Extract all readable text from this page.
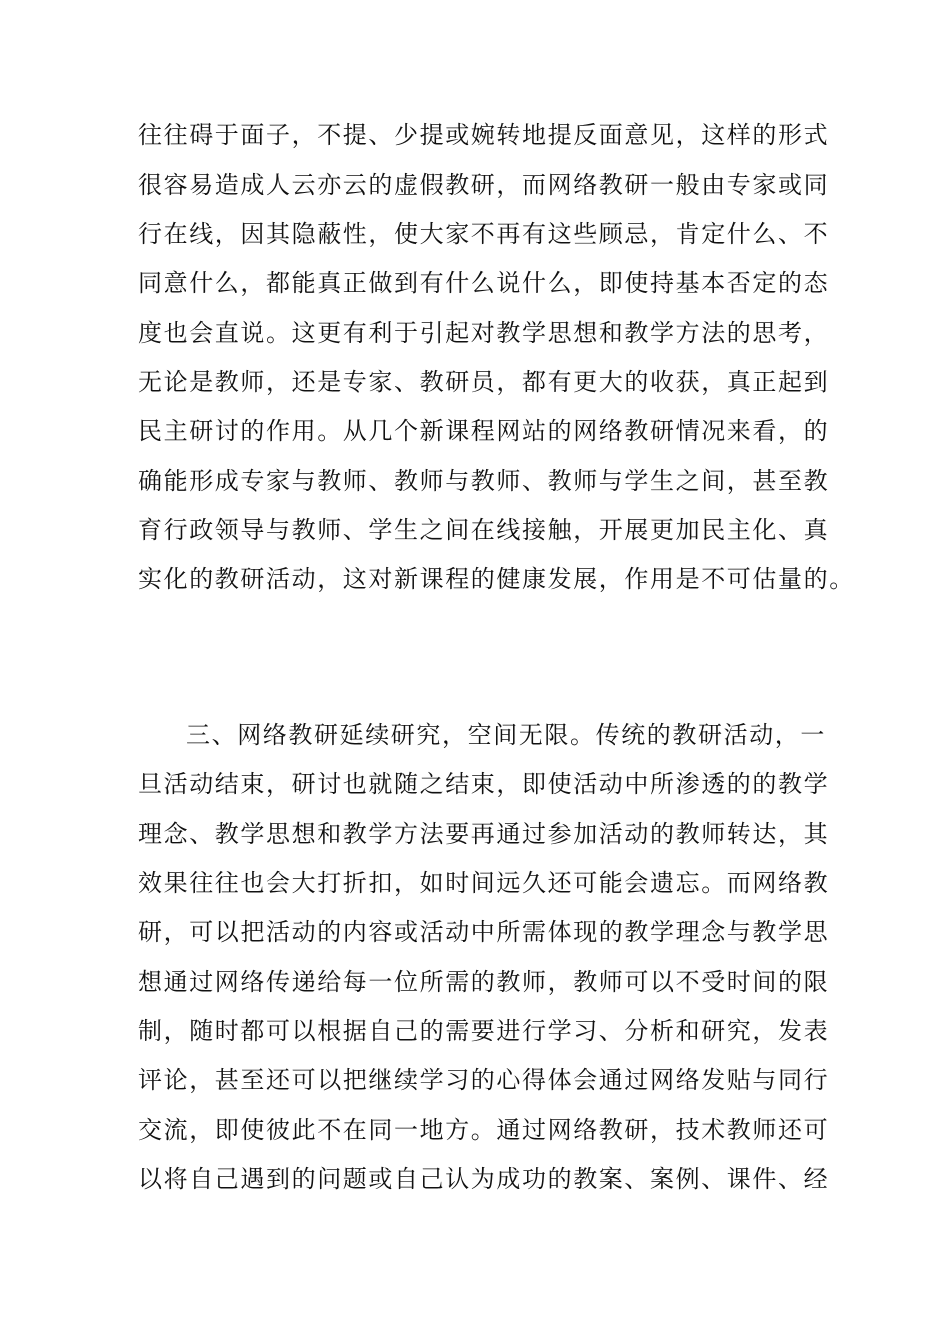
往往碍于面子，不提、少提或婉转地提反面意见，这样的形式
很容易造成人云亦云的虚假教研，而网络教研一般由专家或同
行在线，因其隐蔽性，使大家不再有这些顾忌，肯定什么、不
同意什么，都能真正做到有什么说什么，即使持基本否定的态
度也会直说。这更有利于引起对教学思想和教学方法的思考，
无论是教师，还是专家、教研员，都有更大的收获，真正起到
民主研讨的作用。从几个新课程网站的网络教研情况来看，的
确能形成专家与教师、教师与教师、教师与学生之间，甚至教
育行政领导与教师、学生之间在线接触，开展更加民主化、真
实化的教研活动，这对新课程的健康发展，作用是不可估量的。
三、网络教研延续研究，空间无限。传统的教研活动，一
旦活动结束，研讨也就随之结束，即使活动中所渗透的的教学
理念、教学思想和教学方法要再通过参加活动的教师转达，其
效果往往也会大打折扣，如时间远久还可能会遗忘。而网络教
研，可以把活动的内容或活动中所需体现的教学理念与教学思
想通过网络传递给每一位所需的教师，教师可以不受时间的限
制，随时都可以根据自己的需要进行学习、分析和研究，发表
评论，甚至还可以把继续学习的心得体会通过网络发贴与同行
交流，即使彼此不在同一地方。通过网络教研，技术教师还可
以将自己遇到的问题或自己认为成功的教案、案例、课件、经
